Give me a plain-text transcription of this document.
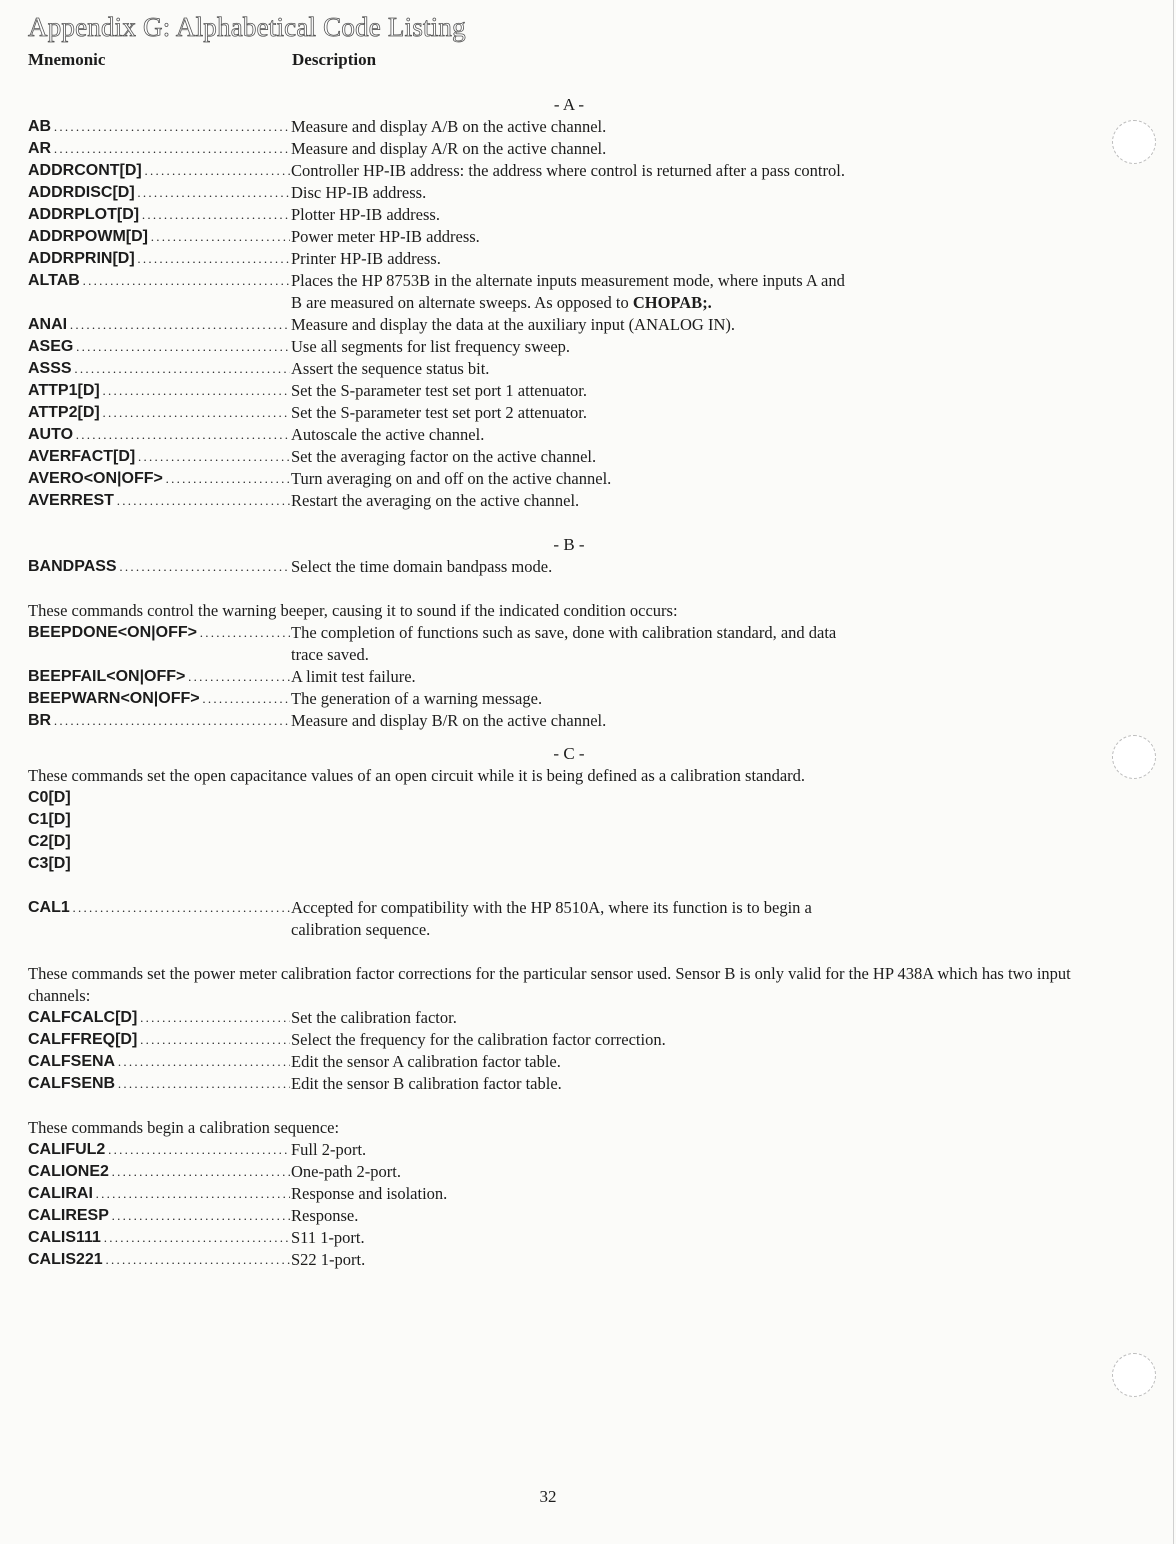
Appendix G: Alphabetical Code Listing
Mnemonic	Description
- A -
AB . . .	Measure and display A/B on the active channel.
AR . . .	Measure and display A/R on the active channel.
ADDRCONT[D] . . .	Controller HP-IB address: the address where control is returned after a pass control.
ADDRDISC[D] . . .	Disc HP-IB address.
ADDRPLOT[D] . . .	Plotter HP-IB address.
ADDRPOWM[D] . . .	Power meter HP-IB address.
ADDRPRIN[D] . . .	Printer HP-IB address.
ALTAB . . .	Places the HP 8753B in the alternate inputs measurement mode, where inputs A and
B are measured on alternate sweeps. As opposed to CHOPAB;.
ANAI . . .	Measure and display the data at the auxiliary input (ANALOG IN).
ASEG . . .	Use all segments for list frequency sweep.
ASSS . . .	Assert the sequence status bit.
ATTP1[D] . . .	Set the S-parameter test set port 1 attenuator.
ATTP2[D] . . .	Set the S-parameter test set port 2 attenuator.
AUTO . . .	Autoscale the active channel.
AVERFACT[D] . . .	Set the averaging factor on the active channel.
AVERO<ON|OFF> . . .	Turn averaging on and off on the active channel.
AVERREST . . .	Restart the averaging on the active channel.
- B -
BANDPASS . . .	Select the time domain bandpass mode.
These commands control the warning beeper, causing it to sound if the indicated condition occurs:
BEEPDONE<ON|OFF> . . .	The completion of functions such as save, done with calibration standard, and data
trace saved.
BEEPFAIL<ON|OFF> . . .	A limit test failure.
BEEPWARN<ON|OFF> . . .	The generation of a warning message.
BR . . .	Measure and display B/R on the active channel.
- C -
These commands set the open capacitance values of an open circuit while it is being defined as a calibration standard.
C0[D]
C1[D]
C2[D]
C3[D]
CAL1 . . .	Accepted for compatibility with the HP 8510A, where its function is to begin a
calibration sequence.
These commands set the power meter calibration factor corrections for the particular sensor used. Sensor B is only valid for the HP 438A which has two input channels:
CALFCALC[D] . . .	Set the calibration factor.
CALFFREQ[D] . . .	Select the frequency for the calibration factor correction.
CALFSENA . . .	Edit the sensor A calibration factor table.
CALFSENB . . .	Edit the sensor B calibration factor table.
These commands begin a calibration sequence:
CALIFUL2 . . .	Full 2-port.
CALIONE2 . . .	One-path 2-port.
CALIRAI . . .	Response and isolation.
CALIRESP . . .	Response.
CALIS111 . . .	S11 1-port.
CALIS221 . . .	S22 1-port.
32
